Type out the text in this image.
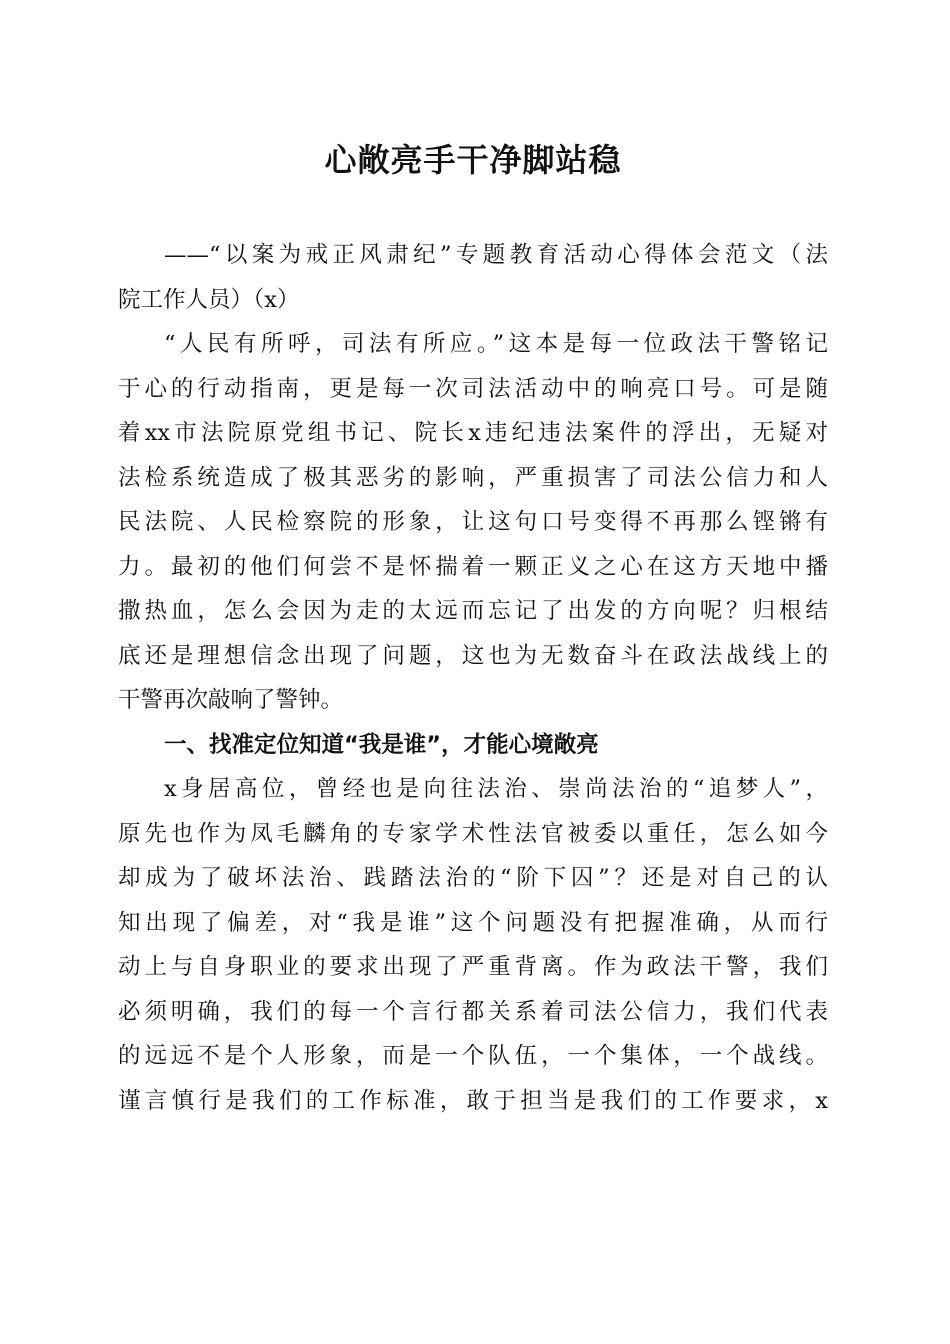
心敞亮手干净脚站稳
——“以案为戒正风肃纪”专题教育活动心得体会范文（法
院工作人员）（x）
“人民有所呼，司法有所应。”这本是每一位政法干警铭记
于心的行动指南，更是每一次司法活动中的响亮口号。可是随
着xx市法院原党组书记、院长x违纪违法案件的浮出，无疑对
法检系统造成了极其恶劣的影响，严重损害了司法公信力和人
民法院、人民检察院的形象，让这句口号变得不再那么铿锵有
力。最初的他们何尝不是怀揣着一颗正义之心在这方天地中播
撒热血，怎么会因为走的太远而忘记了出发的方向呢？归根结
底还是理想信念出现了问题，这也为无数奋斗在政法战线上的
干警再次敲响了警钟。
一、找准定位知道“我是谁”，才能心境敞亮
x身居高位，曾经也是向往法治、崇尚法治的“追梦人”，
原先也作为凤毛麟角的专家学术性法官被委以重任，怎么如今
却成为了破坏法治、践踏法治的“阶下囚”？还是对自己的认
知出现了偏差，对“我是谁”这个问题没有把握准确，从而行
动上与自身职业的要求出现了严重背离。作为政法干警，我们
必须明确，我们的每一个言行都关系着司法公信力，我们代表
的远远不是个人形象，而是一个队伍，一个集体，一个战线。
谨言慎行是我们的工作标准，敢于担当是我们的工作要求，x
